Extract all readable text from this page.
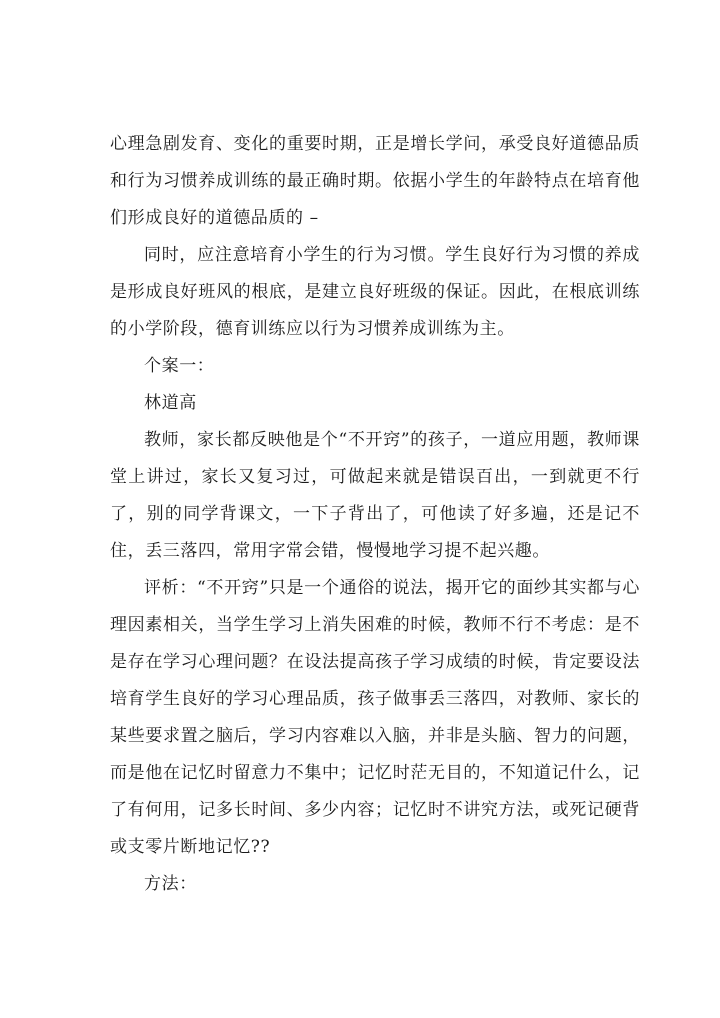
心理急剧发育、变化的重要时期，正是增长学问，承受良好道德品质和行为习惯养成训练的最正确时期。依据小学生的年龄特点在培育他们形成良好的道德品质的 –

同时，应注意培育小学生的行为习惯。学生良好行为习惯的养成是形成良好班风的根底，是建立良好班级的保证。因此，在根底训练的小学阶段，德育训练应以行为习惯养成训练为主。

个案一：

林道高

教师，家长都反映他是个“不开窍”的孩子，一道应用题，教师课堂上讲过，家长又复习过，可做起来就是错误百出，一到就更不行了，别的同学背课文，一下子背出了，可他读了好多遍，还是记不住，丢三落四，常用字常会错，慢慢地学习提不起兴趣。

评析：“不开窍”只是一个通俗的说法，揭开它的面纱其实都与心理因素相关，当学生学习上消失困难的时候，教师不行不考虑：是不是存在学习心理问题？在设法提高孩子学习成绩的时候，肯定要设法培育学生良好的学习心理品质，孩子做事丢三落四，对教师、家长的某些要求置之脑后，学习内容难以入脑，并非是头脑、智力的问题，而是他在记忆时留意力不集中；记忆时茫无目的，不知道记什么，记了有何用，记多长时间、多少内容；记忆时不讲究方法，或死记硬背或支零片断地记忆??

方法：
